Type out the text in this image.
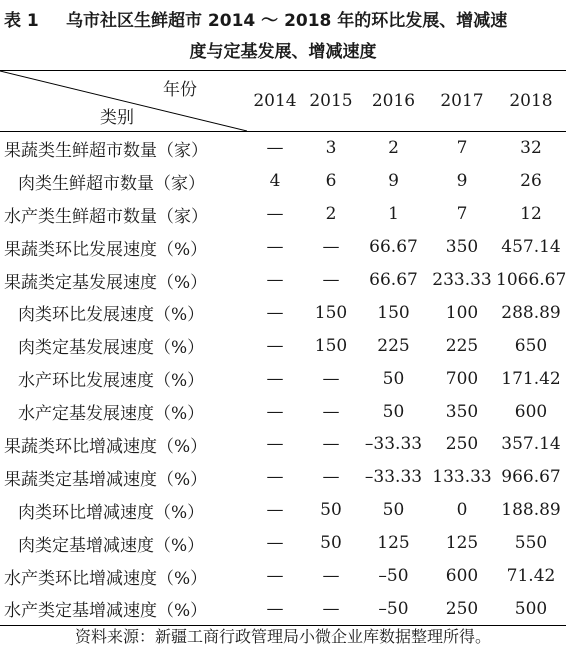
表 1	乌市社区生鲜超市 2014 ～ 2018 年的环比发展、增减速
度与定基发展、增减速度
年份
类别	2014	2015	2016	2017	2018
果蔬类生鲜超市数量（家）	—	3	2	7	32
肉类生鲜超市数量（家）	4	6	9	9	26
水产类生鲜超市数量（家）	—	2	1	7	12
果蔬类环比发展速度（%）	—	—	66.67	350	457.14
果蔬类定基发展速度（%）	—	—	66.67	233.33	1066.67
肉类环比发展速度（%）	—	150	150	100	288.89
肉类定基发展速度（%）	—	150	225	225	650
水产环比发展速度（%）	—	—	50	700	171.42
水产定基发展速度（%）	—	—	50	350	600
果蔬类环比增减速度（%）	—	—	–33.33	250	357.14
果蔬类定基增减速度（%）	—	—	–33.33	133.33	966.67
肉类环比增减速度（%）	—	50	50	0	188.89
肉类定基增减速度（%）	—	50	125	125	550
水产类环比增减速度（%）	—	—	–50	600	71.42
水产类定基增减速度（%）	—	—	–50	250	500
资料来源：新疆工商行政管理局小微企业库数据整理所得。
